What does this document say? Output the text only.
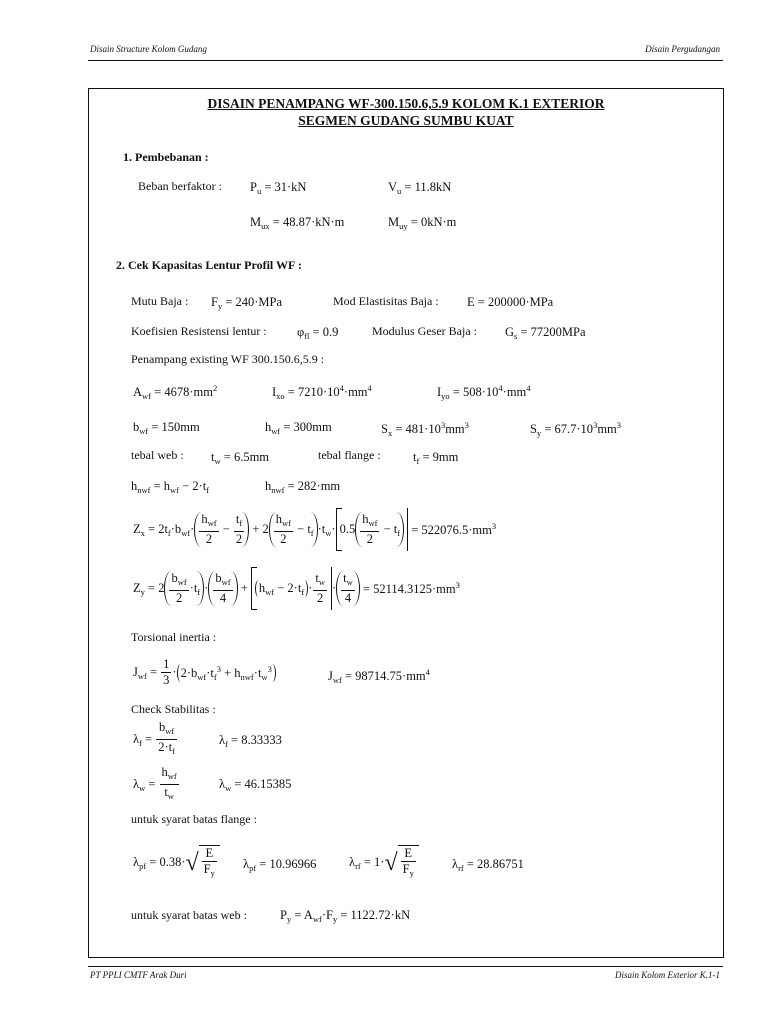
Disain Structure Kolom Gudang	Disain Pergudangan
DISAIN PENAMPANG WF-300.150.6,5.9 KOLOM K.1 EXTERIOR
SEGMEN GUDANG SUMBU KUAT
1. Pembebanan :
Beban berfaktor : $P_u = 31\cdot kN$	$V_u = 11.8kN$
$M_{ux} = 48.87\cdot kN\cdot m$	$M_{uy} = 0kN\cdot m$
2. Cek Kapasitas Lentur Profil WF :
Mutu Baja : $F_y = 240\cdot MPa$	Mod Elastisitas Baja : E = 200000·MPa
Koefisien Resistensi lentur : $\varphi_{fl} = 0.9$	Modulus Geser Baja : $G_s = 77200MPa$
Penampang existing WF 300.150.6,5.9 :
$A_{wf} = 4678\cdot mm^2$	$I_{xo} = 7210\cdot 10^4\cdot mm^4$	$I_{yo} = 508\cdot 10^4\cdot mm^4$
$b_{wf} = 150mm$	$h_{wf} = 300mm$	$S_x = 481\cdot 10^3mm^3$	$S_y = 67.7\cdot 10^3mm^3$
tebal web : $t_w = 6.5mm$	tebal flange :	$t_f = 9mm$
$h_{nwf} = h_{wf} - 2\cdot t_f$	$h_{nwf} = 282\cdot mm$
$Z_x = 2t_f\cdot b_{wf}\cdot$
$h_{wf}$
2
− $\frac{t_f}{2} + 2$
$h_{wf}$
2
− $t_f \cdot t_w\cdot 0.5$
$h_{wf}$
2
− $t_f = 522076.5\cdot mm^3$
$Z_y = 2$
$b_{wf}$
2
$\cdot t_f$ ·
$b_{wf}$
4
+ $h_{wf} - 2\cdot t_f \cdot \frac{t_w}{2} \cdot \frac{t_w}{4} = 52114.3125\cdot mm^3$
Torsional inertia :
$J_{wf} = \frac{1}{3} \cdot 2\cdot b_{wf}\cdot t_f^3 + h_{nwf}\cdot t_w^3$
$J_{wf} = 98714.75\cdot mm^4$
Check Stabilitas :
$\lambda_f$ =
$b_{wf}$
$2\cdot t_f$
$\lambda_f = 8.33333$
$\lambda_w$ =
$h_{wf}$
$t_w$
$\lambda_w = 46.15385$
untuk syarat batas flange :
$\lambda_{pf} = 0.38\cdot√ \frac{E}{F_y} \lambda_{pf} = 10.96966$	$\lambda_{rf} = 1\cdot√ \frac{E}{F_y}$	$\lambda_{rf} = 28.86751$
untuk syarat batas web :	$P_y = A_{wf}\cdot F_y = 1122.72\cdot kN$
PT PPLI CMTF Arak Duri	Disain Kolom Exterior K.1-1
